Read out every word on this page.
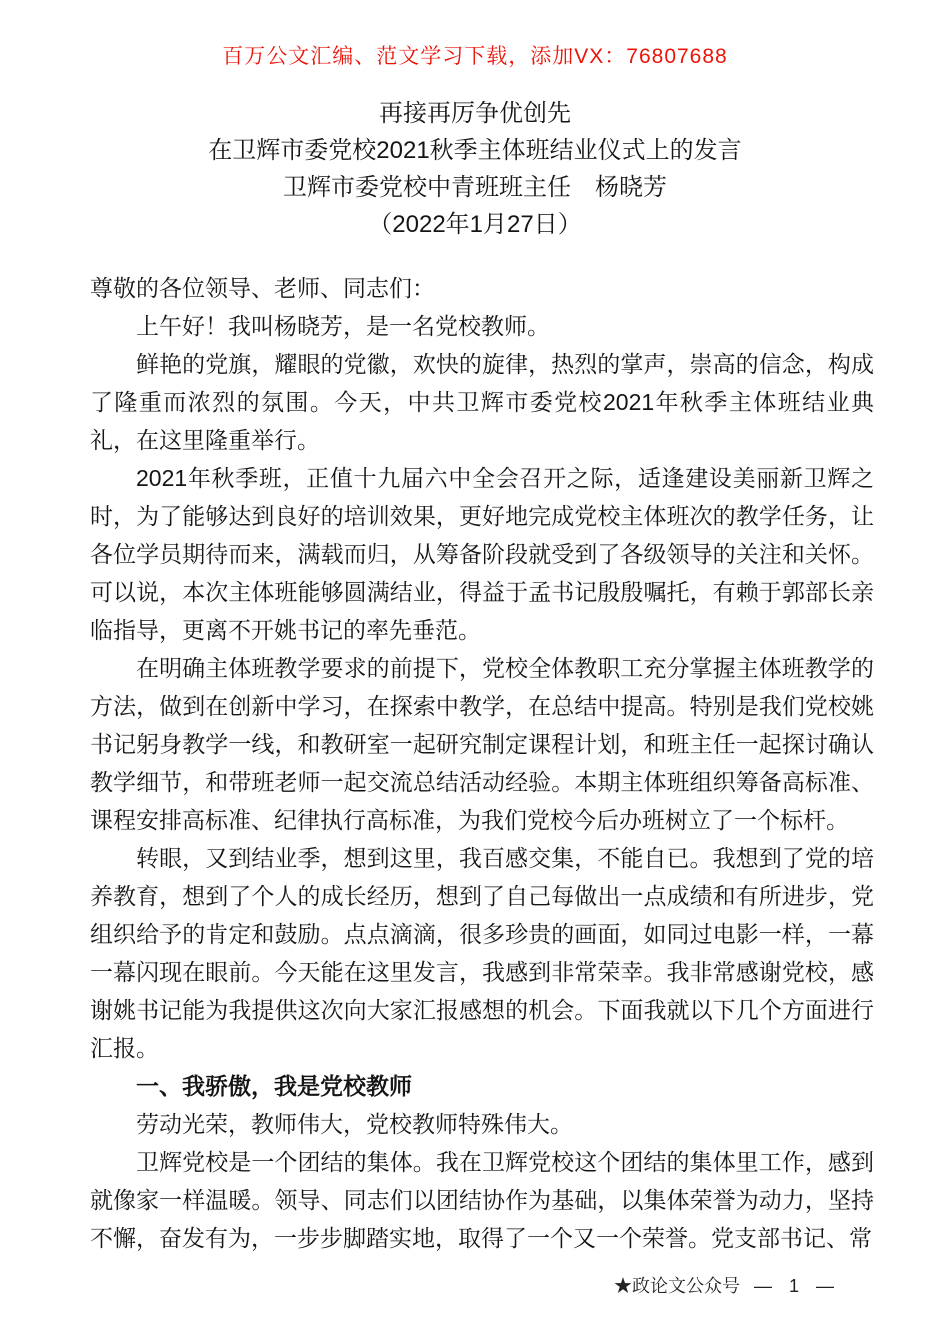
百万公文汇编、范文学习下载，添加VX：76807688
再接再厉争优创先
在卫辉市委党校2021秋季主体班结业仪式上的发言
卫辉市委党校中青班班主任　杨晓芳
（2022年1月27日）

尊敬的各位领导、老师、同志们：

上午好！我叫杨晓芳，是一名党校教师。

鲜艳的党旗，耀眼的党徽，欢快的旋律，热烈的掌声，崇高的信念，构成了隆重而浓烈的氛围。今天，中共卫辉市委党校2021年秋季主体班结业典礼，在这里隆重举行。

2021年秋季班，正值十九届六中全会召开之际，适逢建设美丽新卫辉之时，为了能够达到良好的培训效果，更好地完成党校主体班次的教学任务，让各位学员期待而来，满载而归，从筹备阶段就受到了各级领导的关注和关怀。可以说，本次主体班能够圆满结业，得益于孟书记殷殷嘱托，有赖于郭部长亲临指导，更离不开姚书记的率先垂范。

在明确主体班教学要求的前提下，党校全体教职工充分掌握主体班教学的方法，做到在创新中学习，在探索中教学，在总结中提高。特别是我们党校姚书记躬身教学一线，和教研室一起研究制定课程计划，和班主任一起探讨确认教学细节，和带班老师一起交流总结活动经验。本期主体班组织筹备高标准、课程安排高标准、纪律执行高标准，为我们党校今后办班树立了一个标杆。

转眼，又到结业季，想到这里，我百感交集，不能自已。我想到了党的培养教育，想到了个人的成长经历，想到了自己每做出一点成绩和有所进步，党组织给予的肯定和鼓励。点点滴滴，很多珍贵的画面，如同过电影一样，一幕一幕闪现在眼前。今天能在这里发言，我感到非常荣幸。我非常感谢党校，感谢姚书记能为我提供这次向大家汇报感想的机会。下面我就以下几个方面进行汇报。

一、我骄傲，我是党校教师

劳动光荣，教师伟大，党校教师特殊伟大。

卫辉党校是一个团结的集体。我在卫辉党校这个团结的集体里工作，感到就像家一样温暖。领导、同志们以团结协作为基础，以集体荣誉为动力，坚持不懈，奋发有为，一步步脚踏实地，取得了一个又一个荣誉。党支部书记、常

★政论文公众号 — 1 —
